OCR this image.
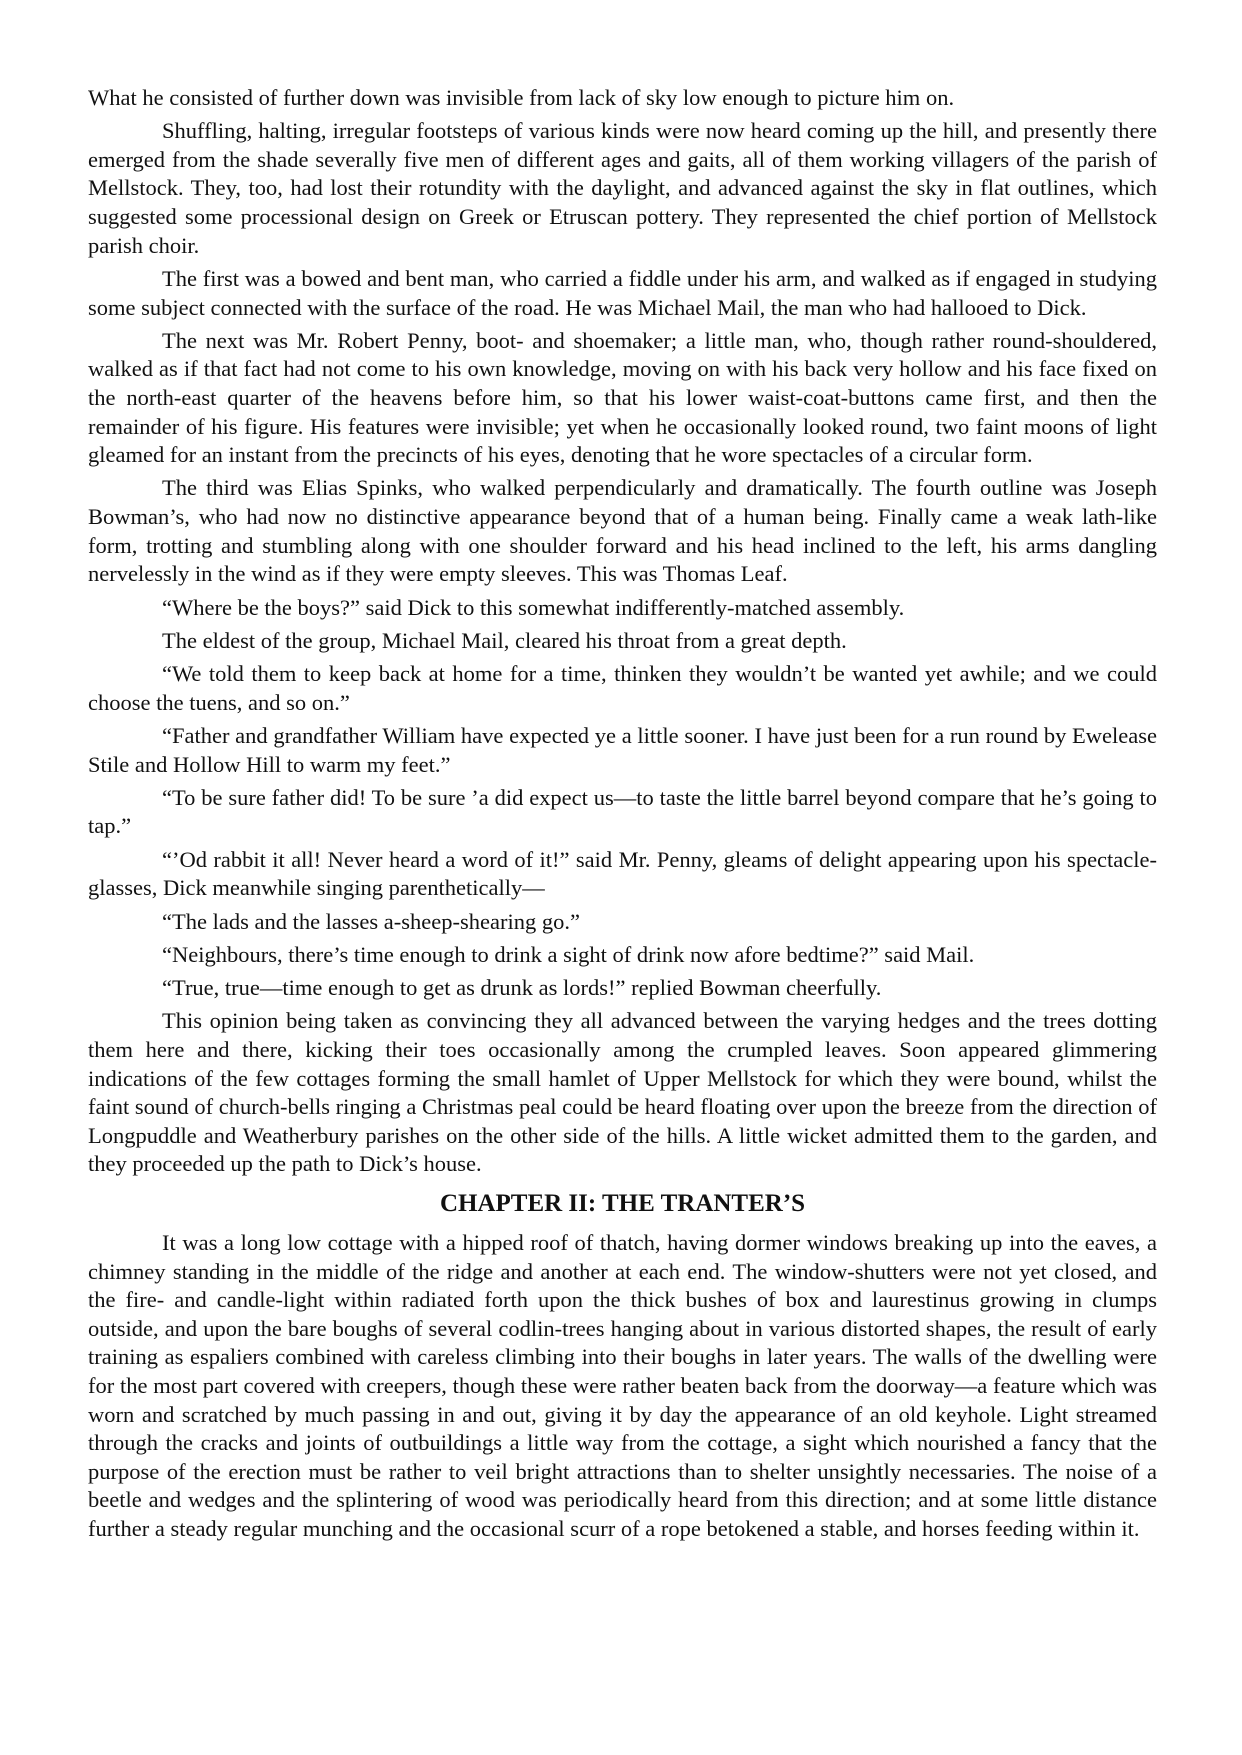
What he consisted of further down was invisible from lack of sky low enough to picture him on.

Shuffling, halting, irregular footsteps of various kinds were now heard coming up the hill, and presently there emerged from the shade severally five men of different ages and gaits, all of them working villagers of the parish of Mellstock. They, too, had lost their rotundity with the daylight, and advanced against the sky in flat outlines, which suggested some processional design on Greek or Etruscan pottery. They represented the chief portion of Mellstock parish choir.

The first was a bowed and bent man, who carried a fiddle under his arm, and walked as if engaged in studying some subject connected with the surface of the road. He was Michael Mail, the man who had hallooed to Dick.

The next was Mr. Robert Penny, boot- and shoemaker; a little man, who, though rather round-shouldered, walked as if that fact had not come to his own knowledge, moving on with his back very hollow and his face fixed on the north-east quarter of the heavens before him, so that his lower waist-coat-buttons came first, and then the remainder of his figure. His features were invisible; yet when he occasionally looked round, two faint moons of light gleamed for an instant from the precincts of his eyes, denoting that he wore spectacles of a circular form.

The third was Elias Spinks, who walked perpendicularly and dramatically. The fourth outline was Joseph Bowman’s, who had now no distinctive appearance beyond that of a human being. Finally came a weak lath-like form, trotting and stumbling along with one shoulder forward and his head inclined to the left, his arms dangling nervelessly in the wind as if they were empty sleeves. This was Thomas Leaf.

“Where be the boys?” said Dick to this somewhat indifferently-matched assembly.

The eldest of the group, Michael Mail, cleared his throat from a great depth.

“We told them to keep back at home for a time, thinken they wouldn’t be wanted yet awhile; and we could choose the tuens, and so on.”

“Father and grandfather William have expected ye a little sooner. I have just been for a run round by Ewelease Stile and Hollow Hill to warm my feet.”

“To be sure father did! To be sure ’a did expect us—to taste the little barrel beyond compare that he’s going to tap.”

“’Od rabbit it all! Never heard a word of it!” said Mr. Penny, gleams of delight appearing upon his spectacle-glasses, Dick meanwhile singing parenthetically—

“The lads and the lasses a-sheep-shearing go.”

“Neighbours, there’s time enough to drink a sight of drink now afore bedtime?” said Mail.

“True, true—time enough to get as drunk as lords!” replied Bowman cheerfully.

This opinion being taken as convincing they all advanced between the varying hedges and the trees dotting them here and there, kicking their toes occasionally among the crumpled leaves. Soon appeared glimmering indications of the few cottages forming the small hamlet of Upper Mellstock for which they were bound, whilst the faint sound of church-bells ringing a Christmas peal could be heard floating over upon the breeze from the direction of Longpuddle and Weatherbury parishes on the other side of the hills. A little wicket admitted them to the garden, and they proceeded up the path to Dick’s house.

CHAPTER II: THE TRANTER’S

It was a long low cottage with a hipped roof of thatch, having dormer windows breaking up into the eaves, a chimney standing in the middle of the ridge and another at each end. The window-shutters were not yet closed, and the fire- and candle-light within radiated forth upon the thick bushes of box and laurestinus growing in clumps outside, and upon the bare boughs of several codlin-trees hanging about in various distorted shapes, the result of early training as espaliers combined with careless climbing into their boughs in later years. The walls of the dwelling were for the most part covered with creepers, though these were rather beaten back from the doorway—a feature which was worn and scratched by much passing in and out, giving it by day the appearance of an old keyhole. Light streamed through the cracks and joints of outbuildings a little way from the cottage, a sight which nourished a fancy that the purpose of the erection must be rather to veil bright attractions than to shelter unsightly necessaries. The noise of a beetle and wedges and the splintering of wood was periodically heard from this direction; and at some little distance further a steady regular munching and the occasional scurr of a rope betokened a stable, and horses feeding within it.
